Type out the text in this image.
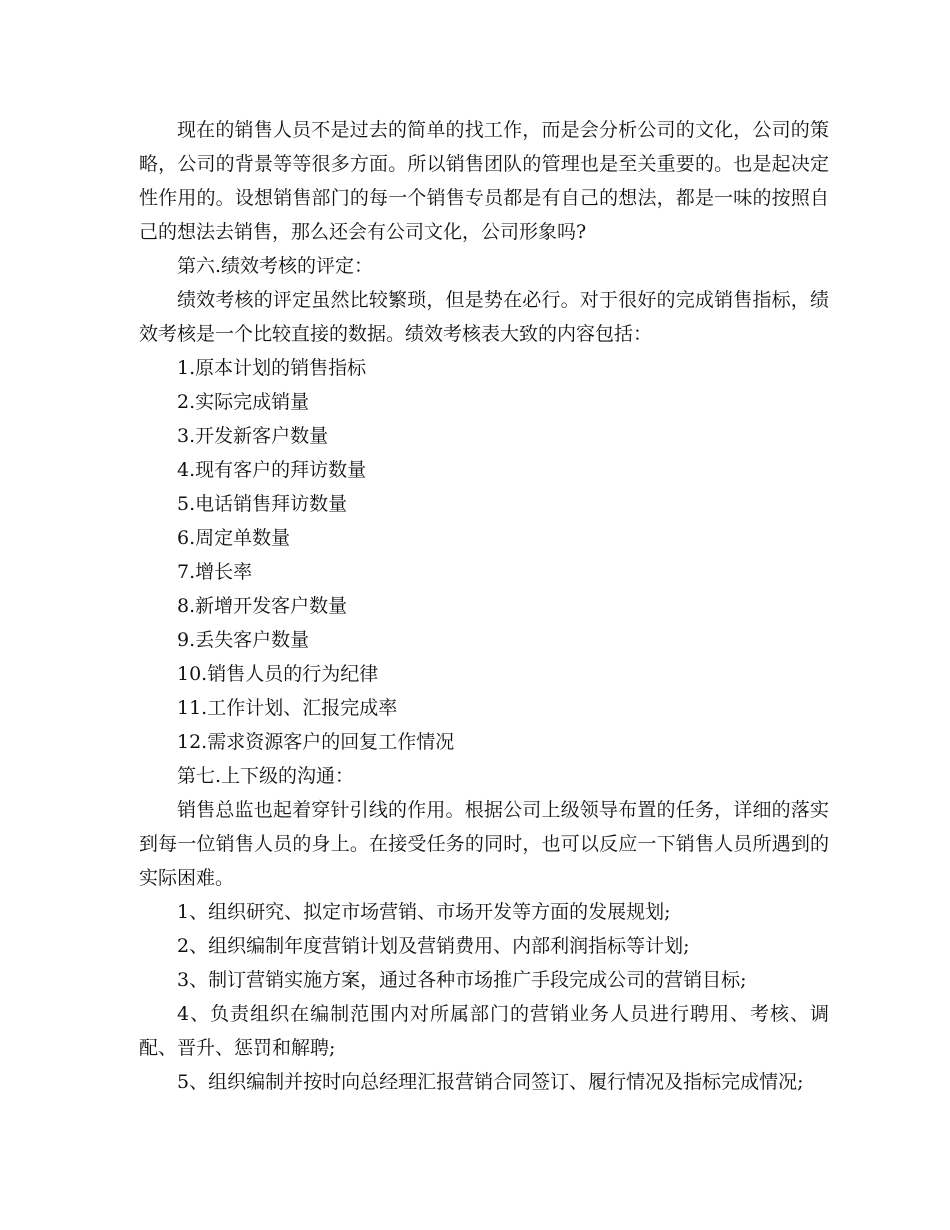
现在的销售人员不是过去的简单的找工作，而是会分析公司的文化，公司的策略，公司的背景等等很多方面。所以销售团队的管理也是至关重要的。也是起决定性作用的。设想销售部门的每一个销售专员都是有自己的想法，都是一味的按照自己的想法去销售，那么还会有公司文化，公司形象吗?

第六.绩效考核的评定：

绩效考核的评定虽然比较繁琐，但是势在必行。对于很好的完成销售指标，绩效考核是一个比较直接的数据。绩效考核表大致的内容包括：

1.原本计划的销售指标

2.实际完成销量

3.开发新客户数量

4.现有客户的拜访数量

5.电话销售拜访数量

6.周定单数量

7.增长率

8.新增开发客户数量

9.丢失客户数量

10.销售人员的行为纪律

11.工作计划、汇报完成率

12.需求资源客户的回复工作情况

第七.上下级的沟通：

销售总监也起着穿针引线的作用。根据公司上级领导布置的任务，详细的落实到每一位销售人员的身上。在接受任务的同时，也可以反应一下销售人员所遇到的实际困难。

1、组织研究、拟定市场营销、市场开发等方面的发展规划;

2、组织编制年度营销计划及营销费用、内部利润指标等计划;

3、制订营销实施方案，通过各种市场推广手段完成公司的营销目标;

4、负责组织在编制范围内对所属部门的营销业务人员进行聘用、考核、调配、晋升、惩罚和解聘;

5、组织编制并按时向总经理汇报营销合同签订、履行情况及指标完成情况;
